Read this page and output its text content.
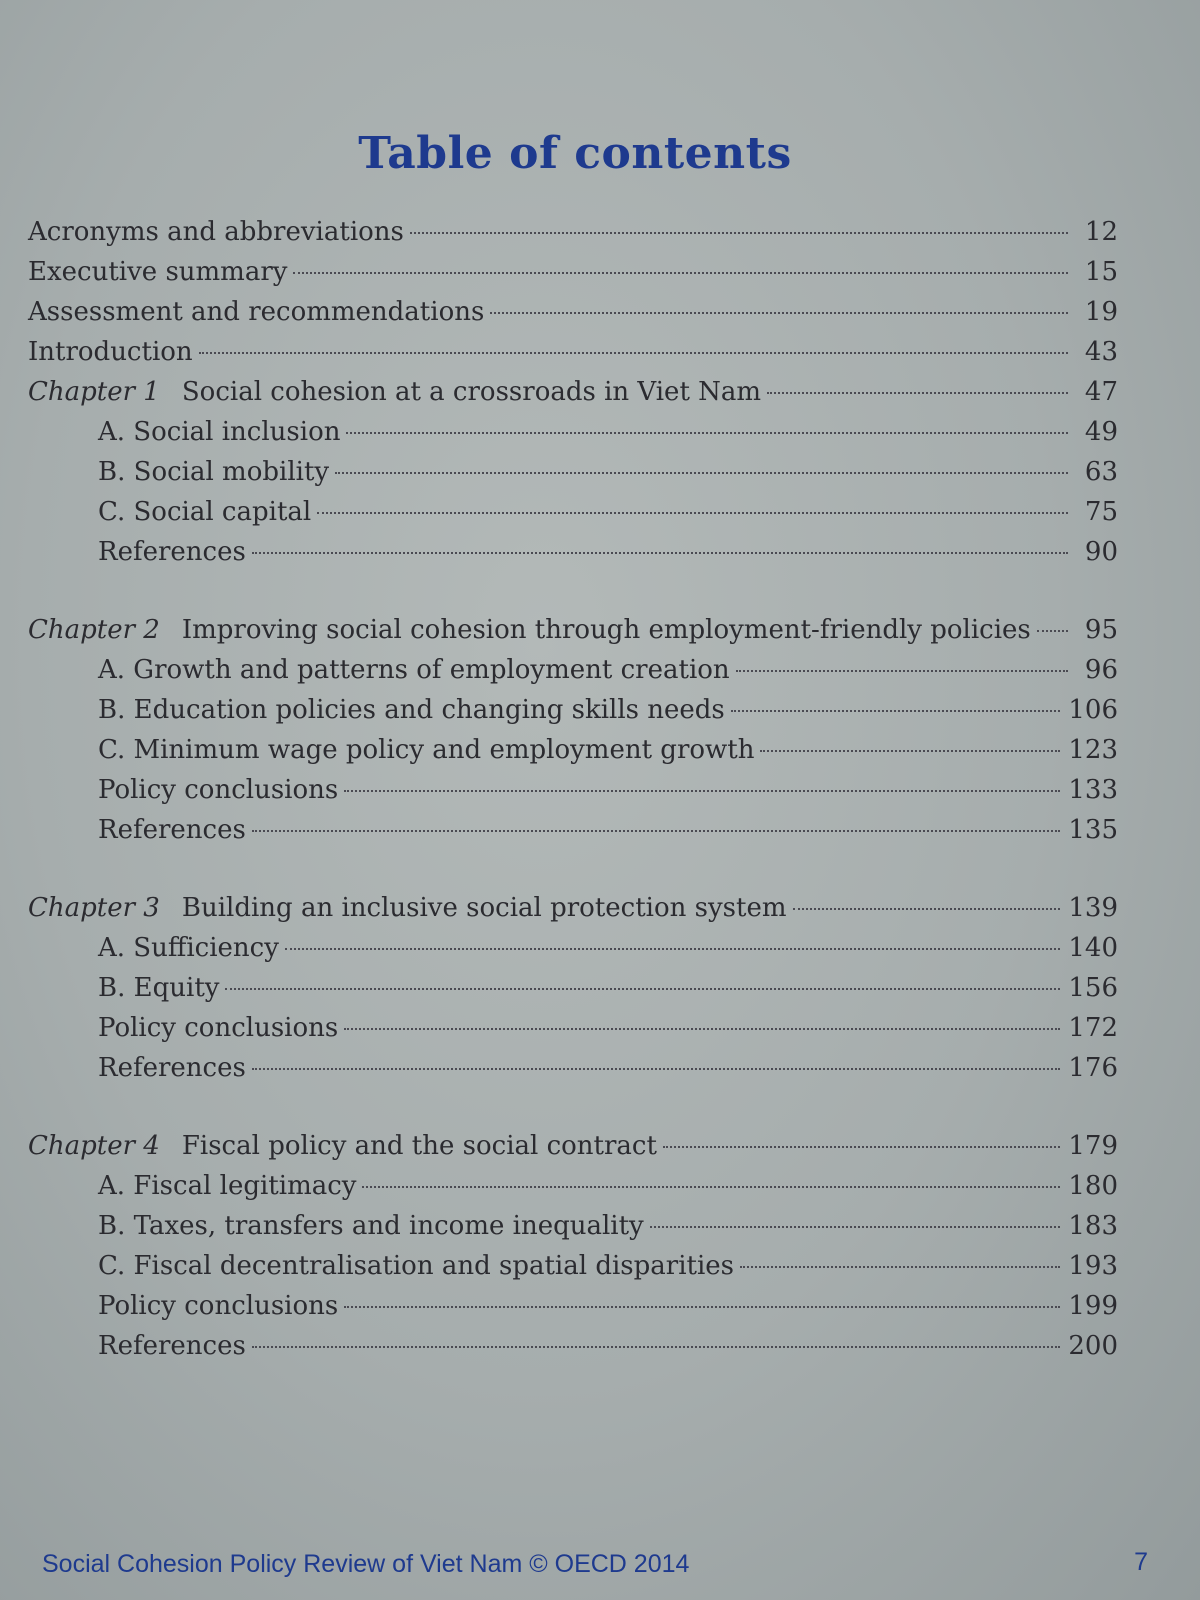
Table of contents
Acronyms and abbreviations	12
Executive summary	15
Assessment and recommendations	19
Introduction	43
Chapter 1 Social cohesion at a crossroads in Viet Nam	47
A. Social inclusion	49
B. Social mobility	63
C. Social capital	75
References	90
Chapter 2 Improving social cohesion through employment-friendly policies	95
A. Growth and patterns of employment creation	96
B. Education policies and changing skills needs	106
C. Minimum wage policy and employment growth	123
Policy conclusions	133
References	135
Chapter 3 Building an inclusive social protection system	139
A. Sufficiency	140
B. Equity	156
Policy conclusions	172
References	176
Chapter 4 Fiscal policy and the social contract	179
A. Fiscal legitimacy	180
B. Taxes, transfers and income inequality	183
C. Fiscal decentralisation and spatial disparities	193
Policy conclusions	199
References	200
Social Cohesion Policy Review of Viet Nam © OECD 2014	7
